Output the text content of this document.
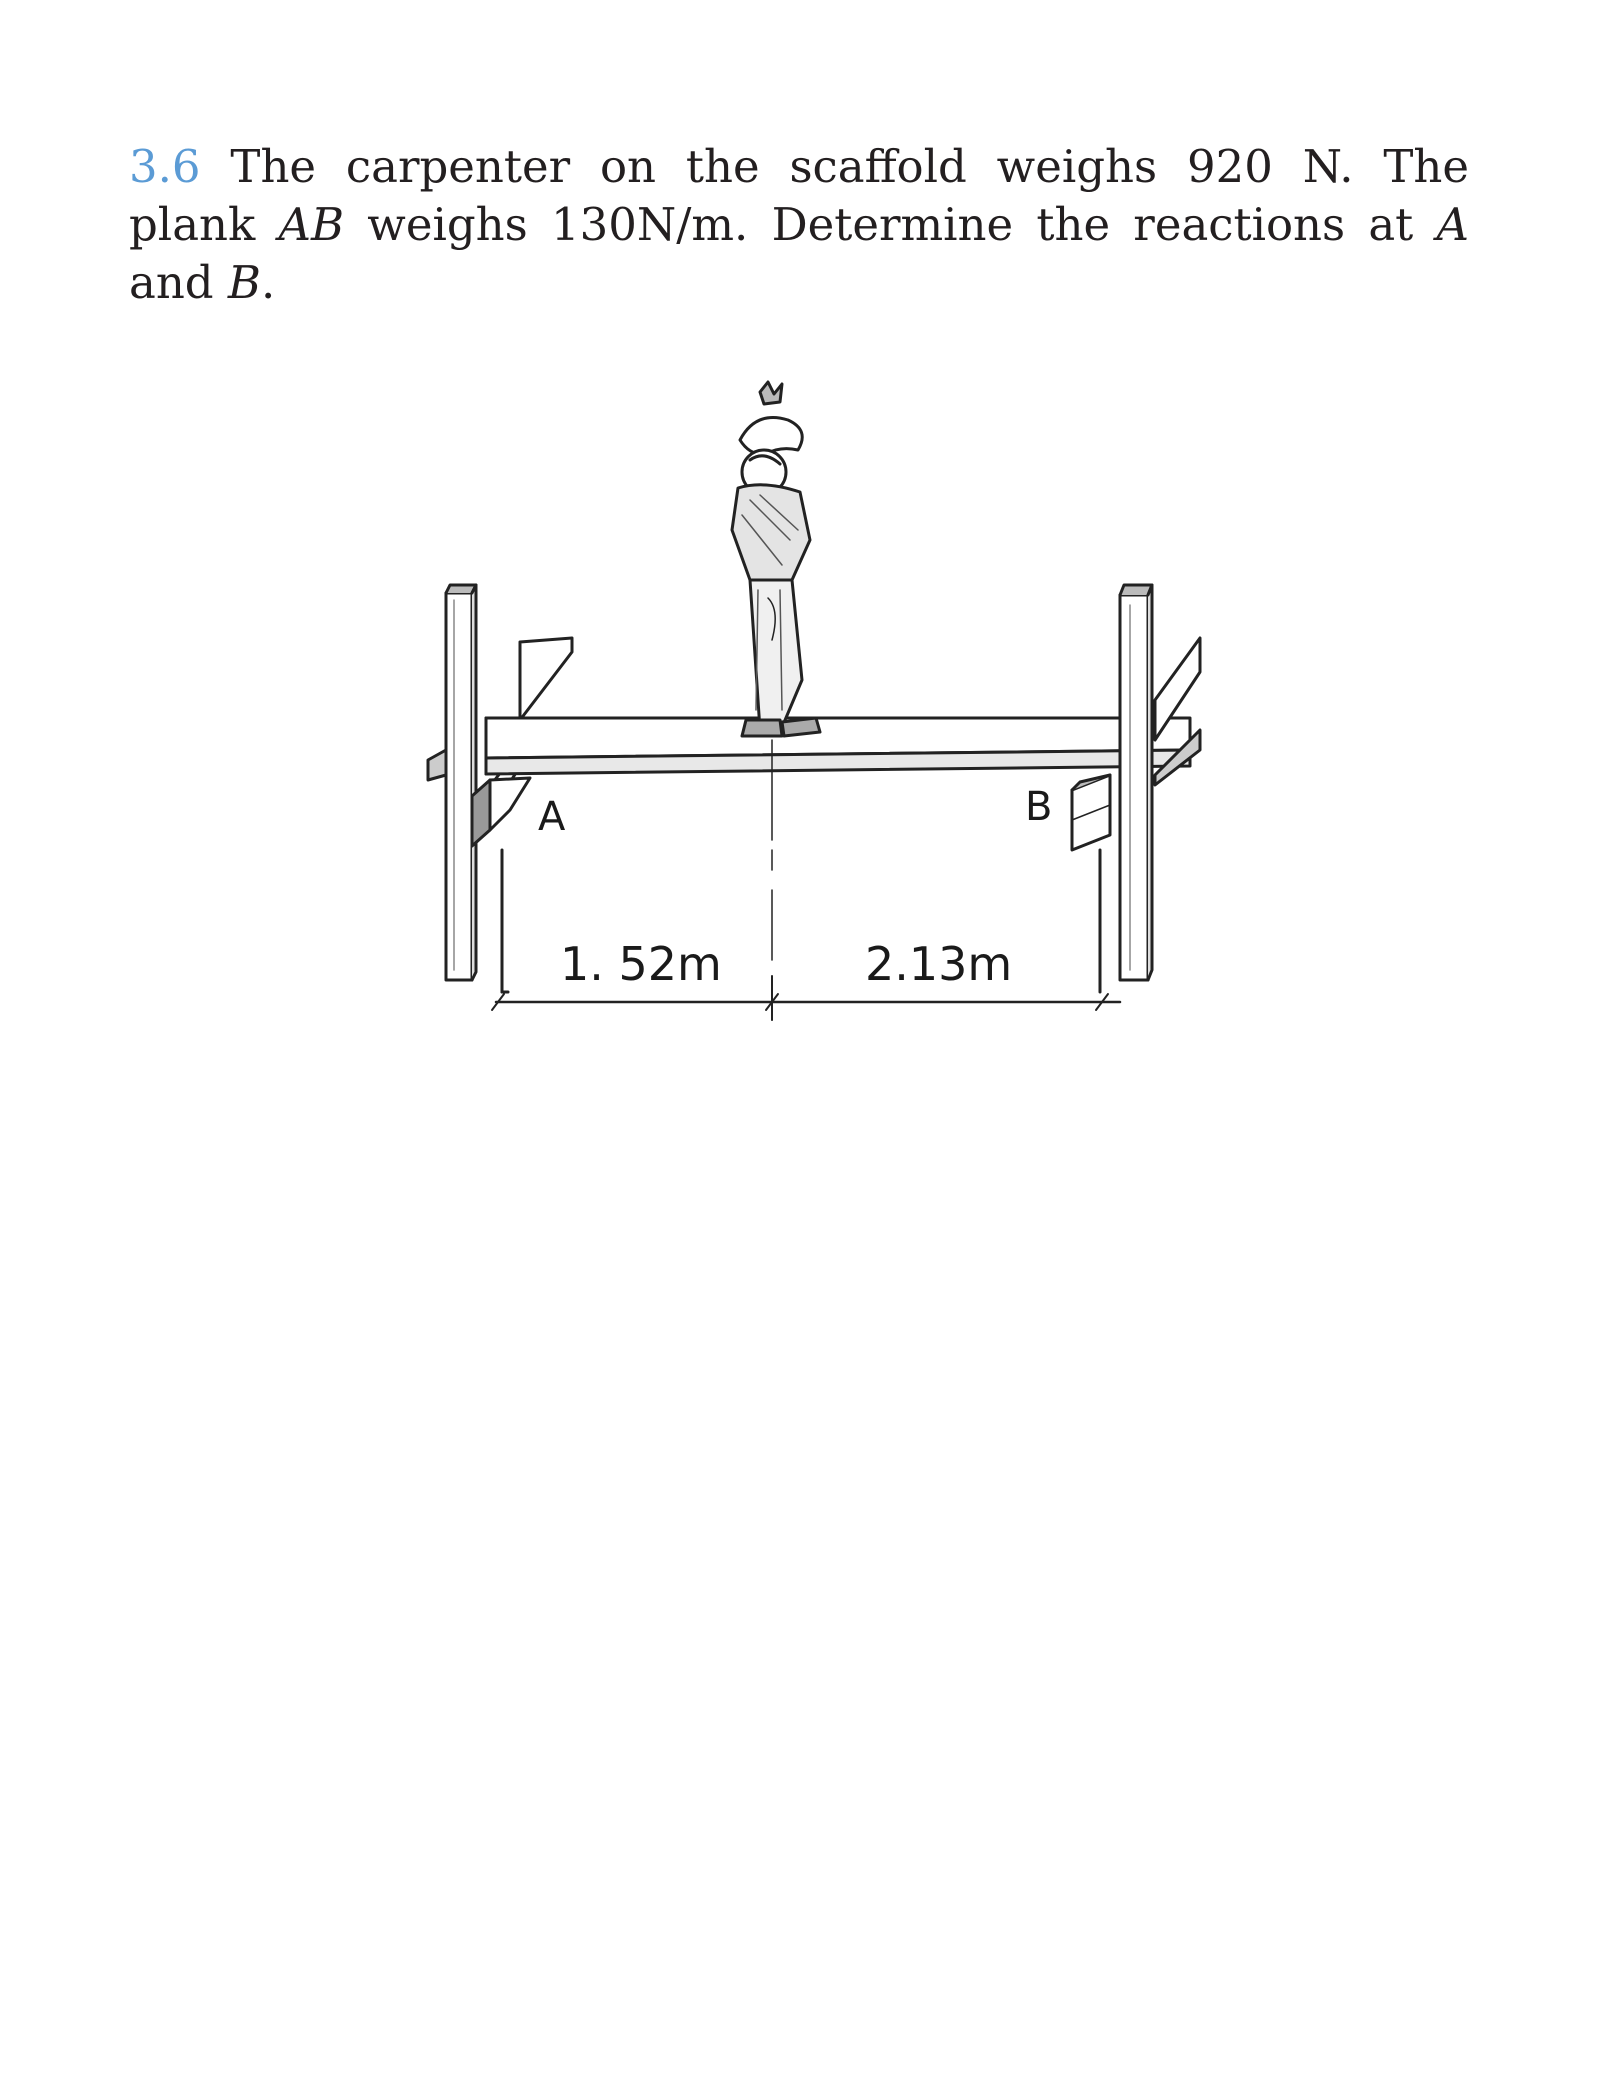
3.6 The carpenter on the scaffold weighs 920 N. The plank AB weighs 130N/m. Determine the reactions at A and B.

A	B
1. 52m	2.13m
